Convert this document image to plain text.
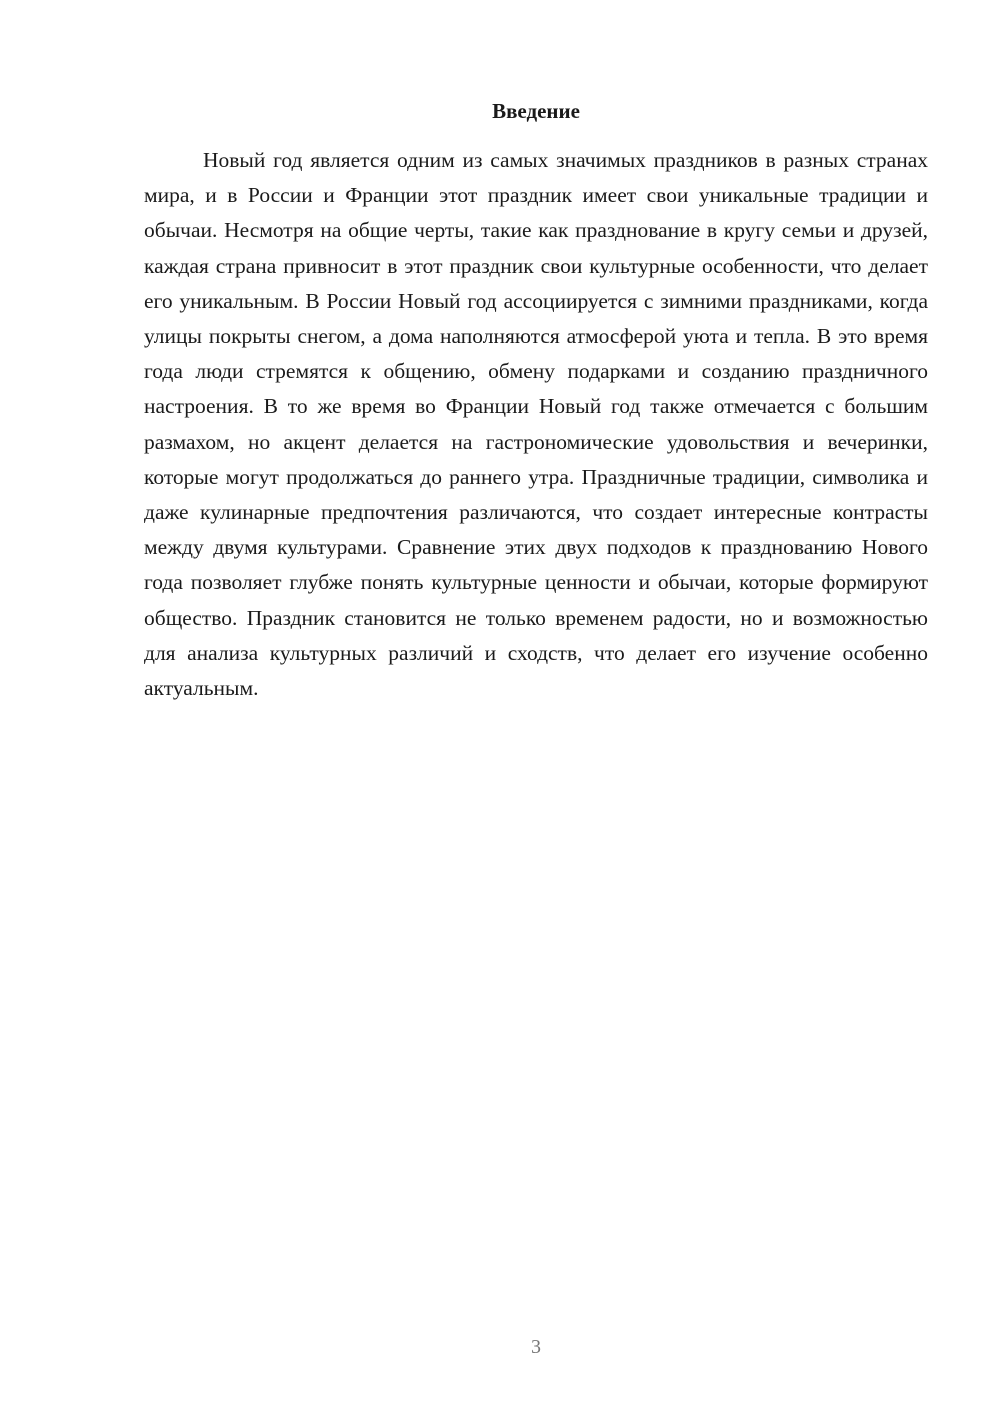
Введение

Новый год является одним из самых значимых праздников в разных странах мира, и в России и Франции этот праздник имеет свои уникальные традиции и обычаи. Несмотря на общие черты, такие как празднование в кругу семьи и друзей, каждая страна привносит в этот праздник свои культурные особенности, что делает его уникальным. В России Новый год ассоциируется с зимними праздниками, когда улицы покрыты снегом, а дома наполняются атмосферой уюта и тепла. В это время года люди стремятся к общению, обмену подарками и созданию праздничного настроения. В то же время во Франции Новый год также отмечается с большим размахом, но акцент делается на гастрономические удовольствия и вечеринки, которые могут продолжаться до раннего утра. Праздничные традиции, символика и даже кулинарные предпочтения различаются, что создает интересные контрасты между двумя культурами. Сравнение этих двух подходов к празднованию Нового года позволяет глубже понять культурные ценности и обычаи, которые формируют общество. Праздник становится не только временем радости, но и возможностью для анализа культурных различий и сходств, что делает его изучение особенно актуальным.

3
